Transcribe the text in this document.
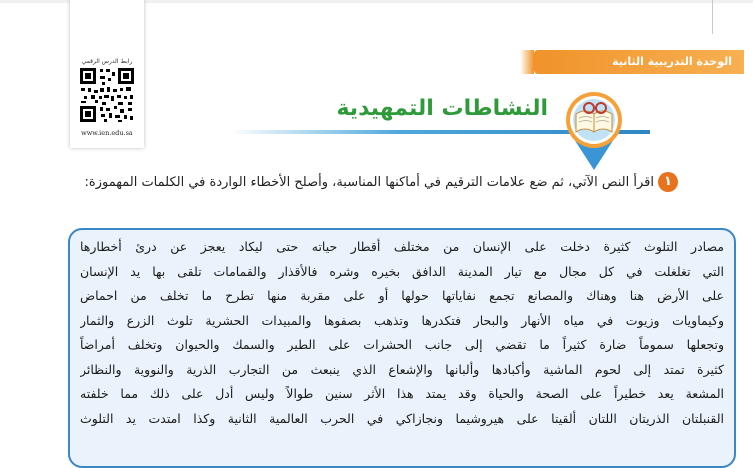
رابط الدرس الرقمي
www.ien.edu.sa
الوحدة التدريبية الثانية
النشاطات التمهيدية
١
اقرأ النص الآتي، ثم ضع علامات الترقيم في أماكنها المناسبة، وأصلح الأخطاء الواردة في الكلمات المهموزة:

مصادر التلوث كثيرة دخلت على الإنسان من مختلف أقطار حياته حتى ليكاد يعجز عن درئ أخطارها

التي تغلغلت في كل مجال مع تيار المدينة الدافق بخيره وشره فالأقذار والقمامات تلقى بها يد الإنسان

على الأرض هنا وهناك والمصانع تجمع نفاياتها حولها أو على مقربة منها تطرح ما تخلف من احماض

وكيماويات وزيوت في مياه الأنهار والبحار فتكدرها وتذهب بصفوها والمبيدات الحشرية تلوث الزرع والثمار

وتجعلها سموماً ضارة كثيراً ما تقضي إلى جانب الحشرات على الطير والسمك والحيوان وتخلف أمراضاً

كثيرة تمتد إلى لحوم الماشية وأكبادها وألبانها والإشعاع الذي ينبعث من التجارب الذرية والنووية والنظائر

المشعة يعد خطيراً على الصحة والحياة وقد يمتد هذا الأثر سنين طوالاً وليس أدل على ذلك مما خلفته

القنبلتان الذريتان اللتان ألقيتا على هيروشيما ونجازاكي في الحرب العالمية الثانية وكذا امتدت يد التلوث
